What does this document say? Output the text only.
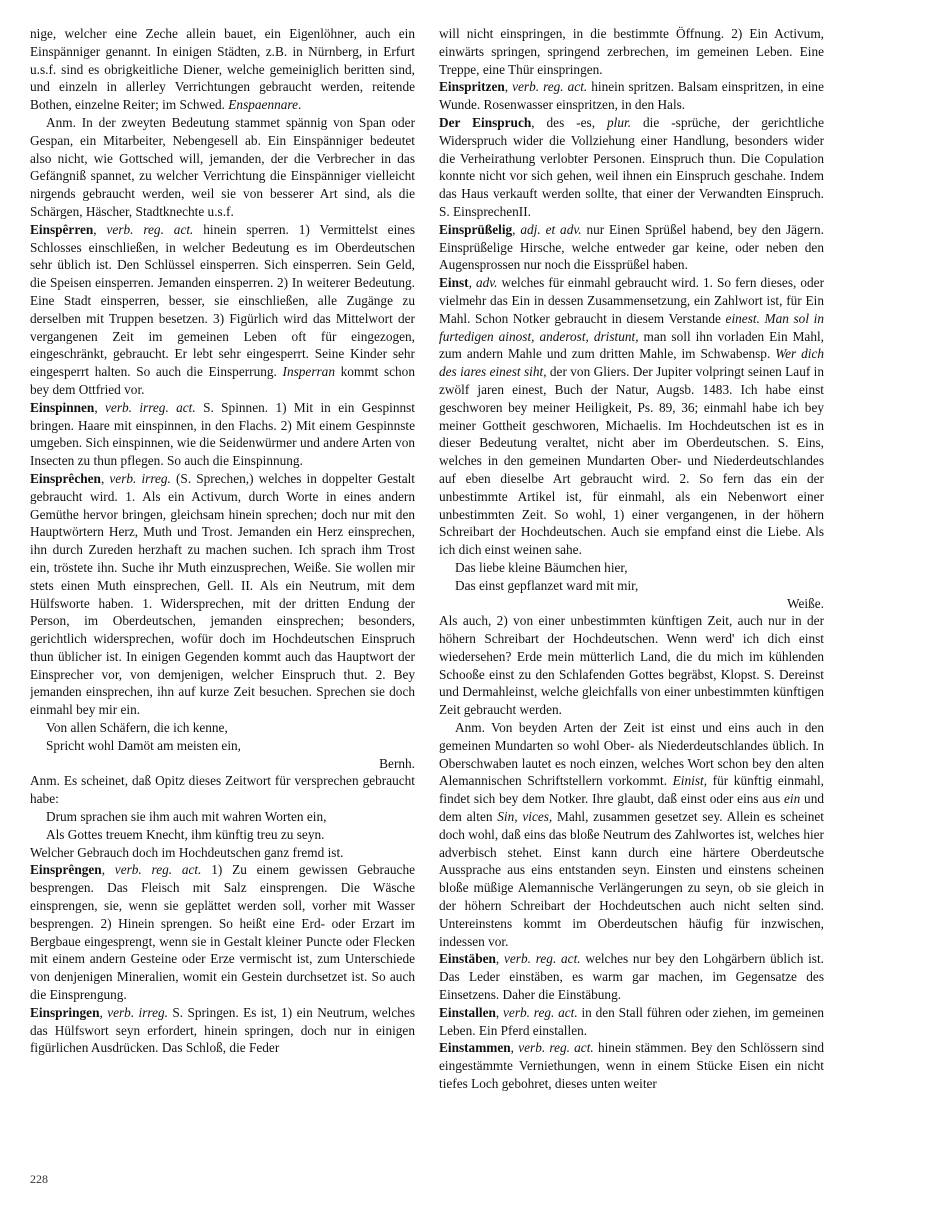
nige, welcher eine Zeche allein bauet, ein Eigenlöhner, auch ein Einspänniger genannt. In einigen Städten, z.B. in Nürnberg, in Erfurt u.s.f. sind es obrigkeitliche Diener, welche gemeiniglich beritten sind, und einzeln in allerley Verrichtungen gebraucht werden, reitende Bothen, einzelne Reiter; im Schwed. Enspaennare.

Anm. In der zweyten Bedeutung stammet spännig von Span oder Gespan, ein Mitarbeiter, Nebengesell ab. Ein Einspänniger bedeutet also nicht, wie Gottsched will, jemanden, der die Verbrecher in das Gefängniß spannet, zu welcher Verrichtung die Einspänniger vielleicht nirgends gebraucht werden, weil sie von besserer Art sind, als die Schärgen, Häscher, Stadtknechte u.s.f.

Einspêrren, verb. reg. act. hinein sperren. 1) Vermittelst eines Schlosses einschließen, in welcher Bedeutung es im Oberdeutschen sehr üblich ist. Den Schlüssel einsperren. Sich einsperren. Sein Geld, die Speisen einsperren. Jemanden einsperren. 2) In weiterer Bedeutung. Eine Stadt einsperren, besser, sie einschließen, alle Zugänge zu derselben mit Truppen besetzen. 3) Figürlich wird das Mittelwort der vergangenen Zeit im gemeinen Leben oft für eingezogen, eingeschränkt, gebraucht. Er lebt sehr eingesperrt. Seine Kinder sehr eingesperrt halten. So auch die Einsperrung. Insperran kommt schon bey dem Ottfried vor.

Einspinnen, verb. irreg. act. S. Spinnen. 1) Mit in ein Gespinnst bringen. Haare mit einspinnen, in den Flachs. 2) Mit einem Gespinnste umgeben. Sich einspinnen, wie die Seidenwürmer und andere Arten von Insecten zu thun pflegen. So auch die Einspinnung.

Einsprêchen, verb. irreg. (S. Sprechen,) welches in doppelter Gestalt gebraucht wird. 1. Als ein Activum, durch Worte in eines andern Gemüthe hervor bringen, gleichsam hinein sprechen; doch nur mit den Hauptwörtern Herz, Muth und Trost. Jemanden ein Herz einsprechen, ihn durch Zureden herzhaft zu machen suchen. Ich sprach ihm Trost ein, tröstete ihn. Suche ihr Muth einzusprechen, Weiße. Sie wollen mir stets einen Muth einsprechen, Gell. II. Als ein Neutrum, mit dem Hülfsworte haben. 1. Widersprechen, mit der dritten Endung der Person, im Oberdeutschen, jemanden einsprechen; besonders, gerichtlich widersprechen, wofür doch im Hochdeutschen Einspruch thun üblicher ist. In einigen Gegenden kommt auch das Hauptwort der Einsprecher vor, von demjenigen, welcher Einspruch thut. 2. Bey jemanden einsprechen, ihn auf kurze Zeit besuchen. Sprechen sie doch einmahl bey mir ein.

Von allen Schäfern, die ich kenne,

Spricht wohl Damöt am meisten ein,

Bernh.

Anm. Es scheinet, daß Opitz dieses Zeitwort für versprechen gebraucht habe:

Drum sprachen sie ihm auch mit wahren Worten ein,

Als Gottes treuem Knecht, ihm künftig treu zu seyn.

Welcher Gebrauch doch im Hochdeutschen ganz fremd ist.

Einsprêngen, verb. reg. act. 1) Zu einem gewissen Gebrauche besprengen. Das Fleisch mit Salz einsprengen. Die Wäsche einsprengen, sie, wenn sie geplättet werden soll, vorher mit Wasser besprengen. 2) Hinein sprengen. So heißt eine Erd- oder Erzart im Bergbaue eingesprengt, wenn sie in Gestalt kleiner Puncte oder Flecken mit einem andern Gesteine oder Erze vermischt ist, zum Unterschiede von denjenigen Mineralien, womit ein Gestein durchsetzet ist. So auch die Einsprengung.

Einspringen, verb. irreg. S. Springen. Es ist, 1) ein Neutrum, welches das Hülfswort seyn erfordert, hinein springen, doch nur in einigen figürlichen Ausdrücken. Das Schloß, die Feder

will nicht einspringen, in die bestimmte Öffnung. 2) Ein Activum, einwärts springen, springend zerbrechen, im gemeinen Leben. Eine Treppe, eine Thür einspringen.

Einspritzen, verb. reg. act. hinein spritzen. Balsam einspritzen, in eine Wunde. Rosenwasser einspritzen, in den Hals.

Der Einspruch, des -es, plur. die -sprüche, der gerichtliche Widerspruch wider die Vollziehung einer Handlung, besonders wider die Verheirathung verlobter Personen. Einspruch thun. Die Copulation konnte nicht vor sich gehen, weil ihnen ein Einspruch geschahe. Indem das Haus verkauft werden sollte, that einer der Verwandten Einspruch. S. EinsprechenII.

Einsprüßelig, adj. et adv. nur Einen Sprüßel habend, bey den Jägern. Einsprüßelige Hirsche, welche entweder gar keine, oder neben den Augensprossen nur noch die Eissprüßel haben.

Einst, adv. welches für einmahl gebraucht wird. 1. So fern dieses, oder vielmehr das Ein in dessen Zusammensetzung, ein Zahlwort ist, für Ein Mahl. Schon Notker gebraucht in diesem Verstande einest. Man sol in furtedigen ainost, anderost, dristunt, man soll ihn vorladen Ein Mahl, zum andern Mahle und zum dritten Mahle, im Schwabensp. Wer dich des iares einest siht, der von Gliers. Der Jupiter volpringt seinen Lauf in zwölf jaren einest, Buch der Natur, Augsb. 1483. Ich habe einst geschworen bey meiner Heiligkeit, Ps. 89, 36; einmahl habe ich bey meiner Gottheit geschworen, Michaelis. Im Hochdeutschen ist es in dieser Bedeutung veraltet, nicht aber im Oberdeutschen. S. Eins, welches in den gemeinen Mundarten Ober- und Niederdeutschlandes auf eben dieselbe Art gebraucht wird. 2. So fern das ein der unbestimmte Artikel ist, für einmahl, als ein Nebenwort einer unbestimmten Zeit. So wohl, 1) einer vergangenen, in der höhern Schreibart der Hochdeutschen. Auch sie empfand einst die Liebe. Als ich dich einst weinen sahe.

Das liebe kleine Bäumchen hier,

Das einst gepflanzet ward mit mir,

Weiße.

Als auch, 2) von einer unbestimmten künftigen Zeit, auch nur in der höhern Schreibart der Hochdeutschen. Wenn werd' ich dich einst wiedersehen? Erde mein mütterlich Land, die du mich im kühlenden Schooße einst zu den Schlafenden Gottes begräbst, Klopst. S. Dereinst und Dermahleinst, welche gleichfalls von einer unbestimmten künftigen Zeit gebraucht werden.

Anm. Von beyden Arten der Zeit ist einst und eins auch in den gemeinen Mundarten so wohl Ober- als Niederdeutschlandes üblich. In Oberschwaben lautet es noch einzen, welches Wort schon bey den alten Alemannischen Schriftstellern vorkommt. Einist, für künftig einmahl, findet sich bey dem Notker. Ihre glaubt, daß einst oder eins aus ein und dem alten Sin, vices, Mahl, zusammen gesetzet sey. Allein es scheinet doch wohl, daß eins das bloße Neutrum des Zahlwortes ist, welches hier adverbisch stehet. Einst kann durch eine härtere Oberdeutsche Aussprache aus eins entstanden seyn. Einsten und einstens scheinen bloße müßige Alemannische Verlängerungen zu seyn, ob sie gleich in der höhern Schreibart der Hochdeutschen auch nicht selten sind. Untereinstens kommt im Oberdeutschen häufig für inzwischen, indessen vor.

Einstäben, verb. reg. act. welches nur bey den Lohgärbern üblich ist. Das Leder einstäben, es warm gar machen, im Gegensatze des Einsetzens. Daher die Einstäbung.

Einstallen, verb. reg. act. in den Stall führen oder ziehen, im gemeinen Leben. Ein Pferd einstallen.

Einstammen, verb. reg. act. hinein stämmen. Bey den Schlössern sind eingestämmte Verniethungen, wenn in einem Stücke Eisen ein nicht tiefes Loch gebohret, dieses unten weiter

228
